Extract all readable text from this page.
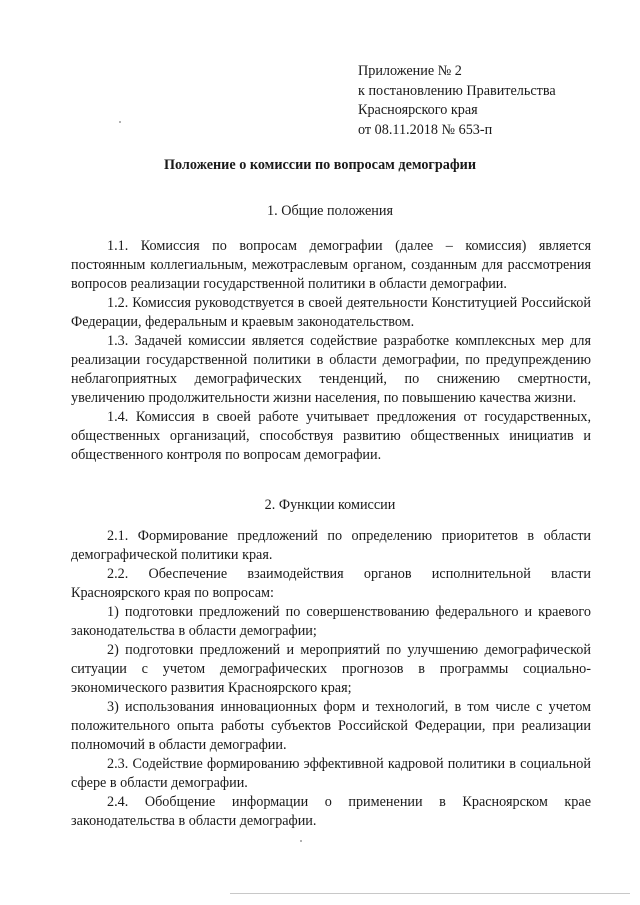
Приложение № 2
к постановлению Правительства
Красноярского края
от 08.11.2018 № 653-п
Положение о комиссии по вопросам демографии
1. Общие положения

1.1. Комиссия по вопросам демографии (далее – комиссия) является постоянным коллегиальным, межотраслевым органом, созданным для рассмотрения вопросов реализации государственной политики в области демографии.

1.2. Комиссия руководствуется в своей деятельности Конституцией Российской Федерации, федеральным и краевым законодательством.

1.3. Задачей комиссии является содействие разработке комплексных мер для реализации государственной политики в области демографии, по предупреждению неблагоприятных демографических тенденций, по снижению смертности, увеличению продолжительности жизни населения, по повышению качества жизни.

1.4. Комиссия в своей работе учитывает предложения от государственных, общественных организаций, способствуя развитию общественных инициатив и общественного контроля по вопросам демографии.

2. Функции комиссии

2.1. Формирование предложений по определению приоритетов в области демографической политики края.

2.2. Обеспечение взаимодействия органов исполнительной власти Красноярского края по вопросам:

1) подготовки предложений по совершенствованию федерального и краевого законодательства в области демографии;

2) подготовки предложений и мероприятий по улучшению демографической ситуации с учетом демографических прогнозов в программы социально-экономического развития Красноярского края;

3) использования инновационных форм и технологий, в том числе с учетом положительного опыта работы субъектов Российской Федерации, при реализации полномочий в области демографии.

2.3. Содействие формированию эффективной кадровой политики в социальной сфере в области демографии.

2.4. Обобщение информации о применении в Красноярском крае законодательства в области демографии.
